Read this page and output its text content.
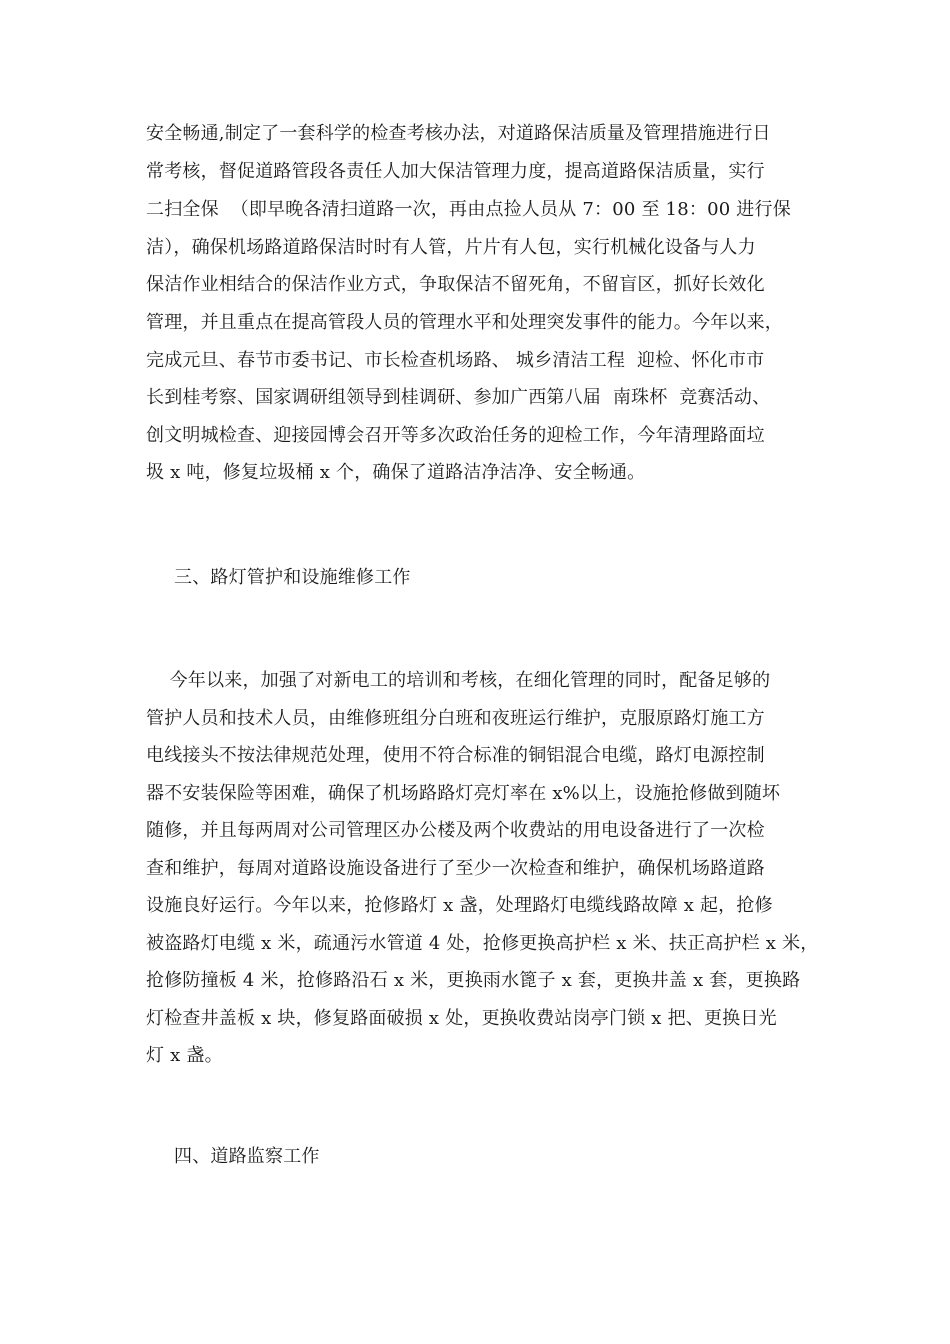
安全畅通,制定了一套科学的检查考核办法，对道路保洁质量及管理措施进行日
常考核，督促道路管段各责任人加大保洁管理力度，提高道路保洁质量，实行
二扫全保  （即早晚各清扫道路一次，再由点捡人员从 7：00 至 18：00 进行保
洁），确保机场路道路保洁时时有人管，片片有人包，实行机械化设备与人力
保洁作业相结合的保洁作业方式，争取保洁不留死角，不留盲区，抓好长效化
管理，并且重点在提高管段人员的管理水平和处理突发事件的能力。今年以来，
完成元旦、春节市委书记、市长检查机场路、 城乡清洁工程  迎检、怀化市市
长到桂考察、国家调研组领导到桂调研、参加广西第八届  南珠杯  竞赛活动、
创文明城检查、迎接园博会召开等多次政治任务的迎检工作，今年清理路面垃
圾 x 吨，修复垃圾桶 x 个，确保了道路洁净洁净、安全畅通。
三、路灯管护和设施维修工作
今年以来，加强了对新电工的培训和考核，在细化管理的同时，配备足够的
管护人员和技术人员，由维修班组分白班和夜班运行维护，克服原路灯施工方
电线接头不按法律规范处理，使用不符合标准的铜铝混合电缆，路灯电源控制
器不安装保险等困难，确保了机场路路灯亮灯率在 x%以上，设施抢修做到随坏
随修，并且每两周对公司管理区办公楼及两个收费站的用电设备进行了一次检
查和维护，每周对道路设施设备进行了至少一次检查和维护，确保机场路道路
设施良好运行。今年以来，抢修路灯 x 盏，处理路灯电缆线路故障 x 起，抢修
被盗路灯电缆 x 米，疏通污水管道 4 处，抢修更换高护栏 x 米、扶正高护栏 x 米，
抢修防撞板 4 米，抢修路沿石 x 米，更换雨水篦子 x 套，更换井盖 x 套，更换路
灯检查井盖板 x 块，修复路面破损 x 处，更换收费站岗亭门锁 x 把、更换日光
灯 x 盏。
四、道路监察工作
